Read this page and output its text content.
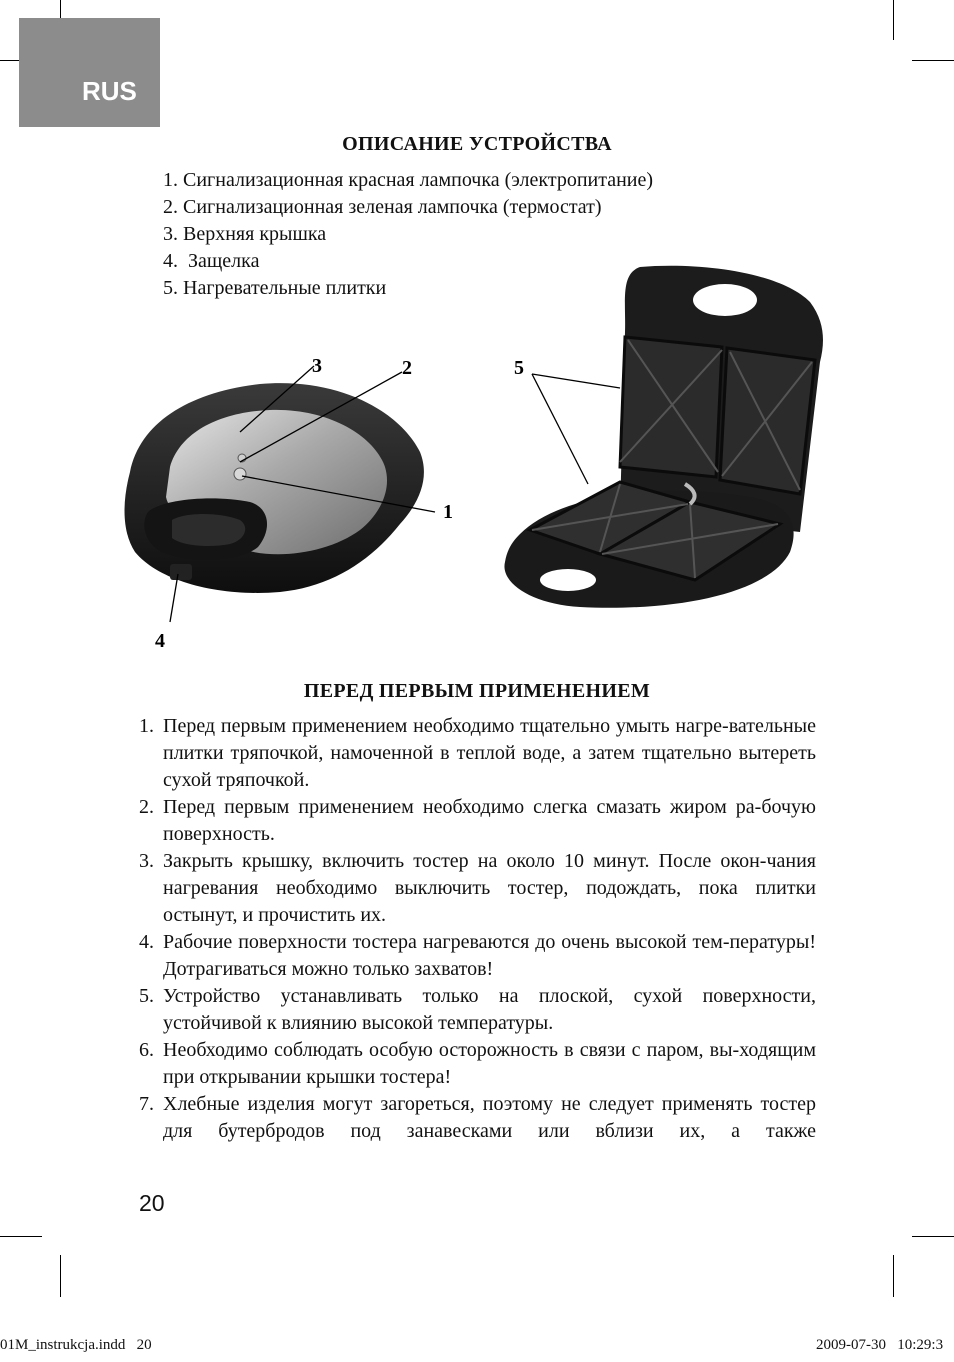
RUS
ОПИСАНИЕ УСТРОЙСТВА
1. Сигнализационная красная лампочка (электропитание)
2. Сигнализационная зеленая лампочка (термостат)
3. Верхняя крышка
4.  Защелка
5. Нагревательные плитки
3	2
1
4
5
ПЕРЕД ПЕРВЫМ ПРИМЕНЕНИЕМ
1. Перед первым применением необходимо тщательно умыть нагре-вательные плитки тряпочкой, намоченной в теплой воде, а затем тщательно вытереть сухой тряпочкой.
2. Перед первым применением необходимо слегка смазать жиром ра-бочую поверхность.
3. Закрыть крышку, включить тостер на около 10 минут. После окон-чания нагревания необходимо выключить тостер, подождать, пока плитки остынут, и прочистить их.
4. Рабочие поверхности тостера нагреваются до очень высокой тем-пературы! Дотрагиваться можно только захватов!
5. Устройство устанавливать только на плоской, сухой поверхности, устойчивой к влиянию высокой температуры.
6. Необходимо соблюдать особую осторожность в связи с паром, вы-ходящим при открывании крышки тостера!
7. Хлебные изделия могут загореться, поэтому не следует применять тостер для бутербродов под занавесками или вблизи их, а также
20
01M_instrukcja.indd   20	2009-07-30   10:29:3
